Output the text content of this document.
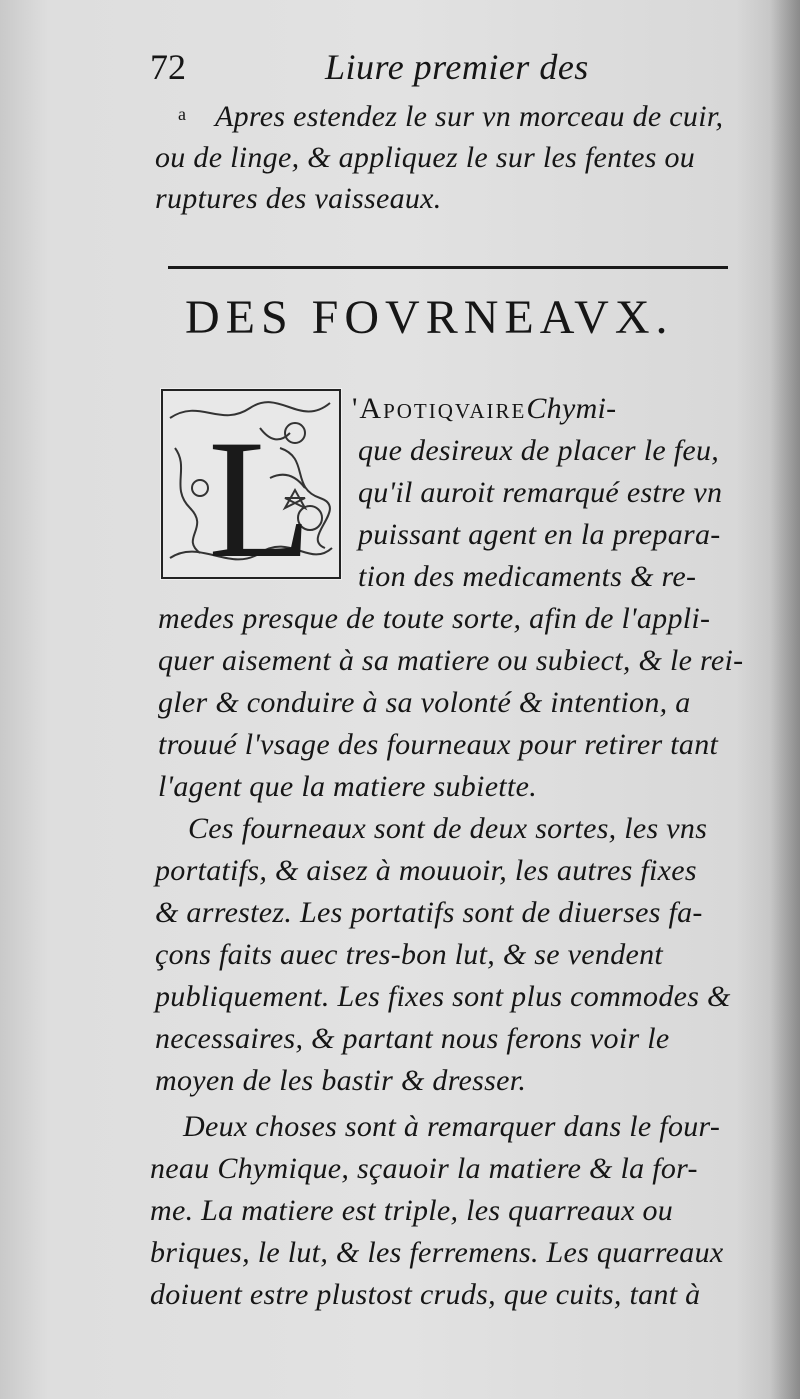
72	Liure premier des
a Apres estendez le sur vn morceau de cuir,
ou de linge, & appliquez le sur les fentes ou
ruptures des vaisseaux.
DES FOVRNEAVX.
L 'ApotiqvaireChymi-
que desireux de placer le feu,
qu'il auroit remarqué estre vn
puissant agent en la prepara-
tion des medicaments & re-
medes presque de toute sorte, afin de l'appli-
quer aisement à sa matiere ou subiect, & le rei-
gler & conduire à sa volonté & intention, a
trouué l'vsage des fourneaux pour retirer tant
l'agent que la matiere subiette.
Ces fourneaux sont de deux sortes, les vns
portatifs, & aisez à mouuoir, les autres fixes
& arrestez. Les portatifs sont de diuerses fa-
çons faits auec tres-bon lut, & se vendent
publiquement. Les fixes sont plus commodes &
necessaires, & partant nous ferons voir le
moyen de les bastir & dresser.
Deux choses sont à remarquer dans le four-
neau Chymique, sçauoir la matiere & la for-
me. La matiere est triple, les quarreaux ou
briques, le lut, & les ferremens. Les quarreaux
doiuent estre plustost cruds, que cuits, tant à
